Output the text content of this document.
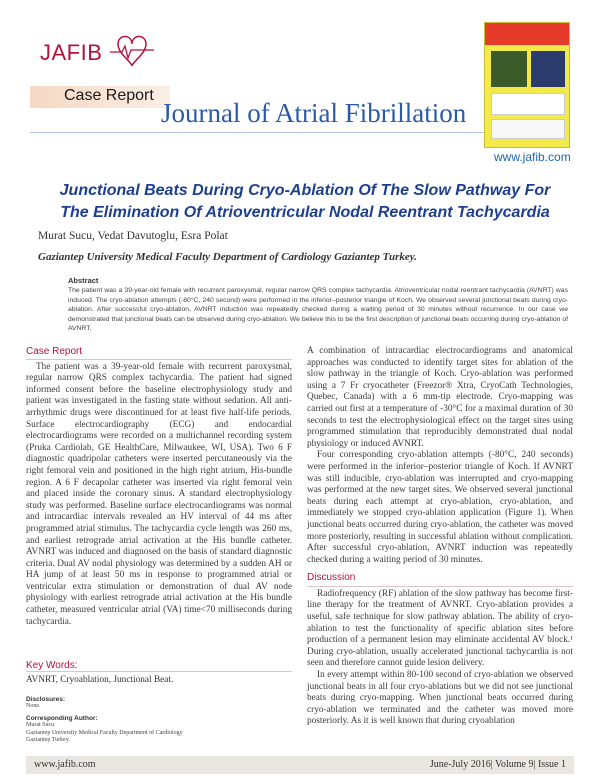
JAFIB
Case Report
Journal of Atrial Fibrillation
www.jafib.com
Junctional Beats During Cryo-Ablation Of The Slow Pathway For
The Elimination Of Atrioventricular Nodal Reentrant Tachycardia
Murat Sucu, Vedat Davutoglu, Esra Polat
Gaziantep University Medical Faculty Department of Cardiology Gaziantep Turkey.
Abstract
The patient was a 39-year-old female with recurrent paroxysmal, regular narrow QRS complex tachycardia. Atrioventricular nodal reentrant tachycardia (AVNRT) was induced. The cryo-ablation attempts (-80°C, 240 second) were performed in the inferior–posterior triangle of Koch. We observed several junctional beats during cryo-ablation. After successful cryo-ablation, AVNRT induction was repeatedly checked during a waiting period of 30 minutes without recurrence. In our case we demonstrated that junctional beats can be observed during cryo-ablation. We believe this to be the first description of junctional beats occurring during cryo-ablation of AVNRT.
Case Report

The patient was a 39-year-old female with recurrent paroxysmal, regular narrow QRS complex tachycardia. The patient had signed informed consent before the baseline electrophysiology study and patient was investigated in the fasting state without sedation. All anti-arrhythmic drugs were discontinued for at least five half-life periods. Surface electrocardiography (ECG) and endocardial electrocardiograms were recorded on a multichannel recording system (Pruka Cardiolab, GE HealthCare, Milwaukee, WI, USA). Two 6 F diagnostic quadripolar catheters were inserted percutaneously via the right femoral vein and positioned in the high right atrium, His-bundle region. A 6 F decapolar catheter was inserted via right femoral vein and placed inside the coronary sinus. A standard electrophysiology study was performed. Baseline surface electrocardiograms was normal and intracardiac intervals revealed an HV interval of 44 ms after programmed atrial stimulus. The tachycardia cycle length was 260 ms, and earliest retrograde atrial activation at the His bundle catheter. AVNRT was induced and diagnosed on the basis of standard diagnostic criteria. Dual AV nodal physiology was determined by a sudden AH or HA jump of at least 50 ms in response to programmed atrial or ventricular extra stimulation or demonstration of dual AV node physiology with earliest retrograde atrial activation at the His bundle catheter, measured ventricular atrial (VA) time<70 milliseconds during tachycardia.

Key Words:
AVNRT, Cryoablation, Junctional Beat.
Disclosures:
None.
Corresponding Author:
Murat Sucu
Gaziantep University Medical Faculty Department of Cardiology
Gaziantep Turkey.

A combination of intracardiac electrocardiograms and anatomical approaches was conducted to identify target sites for ablation of the slow pathway in the triangle of Koch. Cryo-ablation was performed using a 7 Fr cryocatheter (Freezor® Xtra, CryoCath Technologies, Quebec, Canada) with a 6 mm-tip electrode. Cryo-mapping was carried out first at a temperature of -30°C for a maximal duration of 30 seconds to test the electrophysiological effect on the target sites using programmed stimulation that reproducibly demonstrated dual nodal physiology or induced AVNRT.

Four corresponding cryo-ablation attempts (-80°C, 240 seconds) were performed in the inferior–posterior triangle of Koch. If AVNRT was still inducible, cryo-ablation was interrupted and cryo-mapping was performed at the new target sites. We observed several junctional beats during each attempt at cryo-ablation, cryo-ablation, and immediately we stopped cryo-ablation application (Figure 1). When junctional beats occurred during cryo-ablation, the catheter was moved more posteriorly, resulting in successful ablation without complication. After successful cryo-ablation, AVNRT induction was repeatedly checked during a waiting period of 30 minutes.

Discussion

Radiofrequency (RF) ablation of the slow pathway has become first-line therapy for the treatment of AVNRT. Cryo-ablation provides a useful, safe technique for slow pathway ablation. The ability of cryo-ablation to test the functionality of specific ablation sites before production of a permanent lesion may eliminate accidental AV block.¹ During cryo-ablation, usually accelerated junctional tachycardia is not seen and therefore cannot guide lesion delivery.

In every attempt within 80-100 second of cryo-ablation we observed junctional beats in all four cryo-ablations but we did not see junctional beats during cryo-mapping. When junctional beats occurred during cryo-ablation we terminated and the catheter was moved more posteriorly. As it is well known that during cryoablation

www.jafib.com	June-July 2016| Volume 9| Issue 1
